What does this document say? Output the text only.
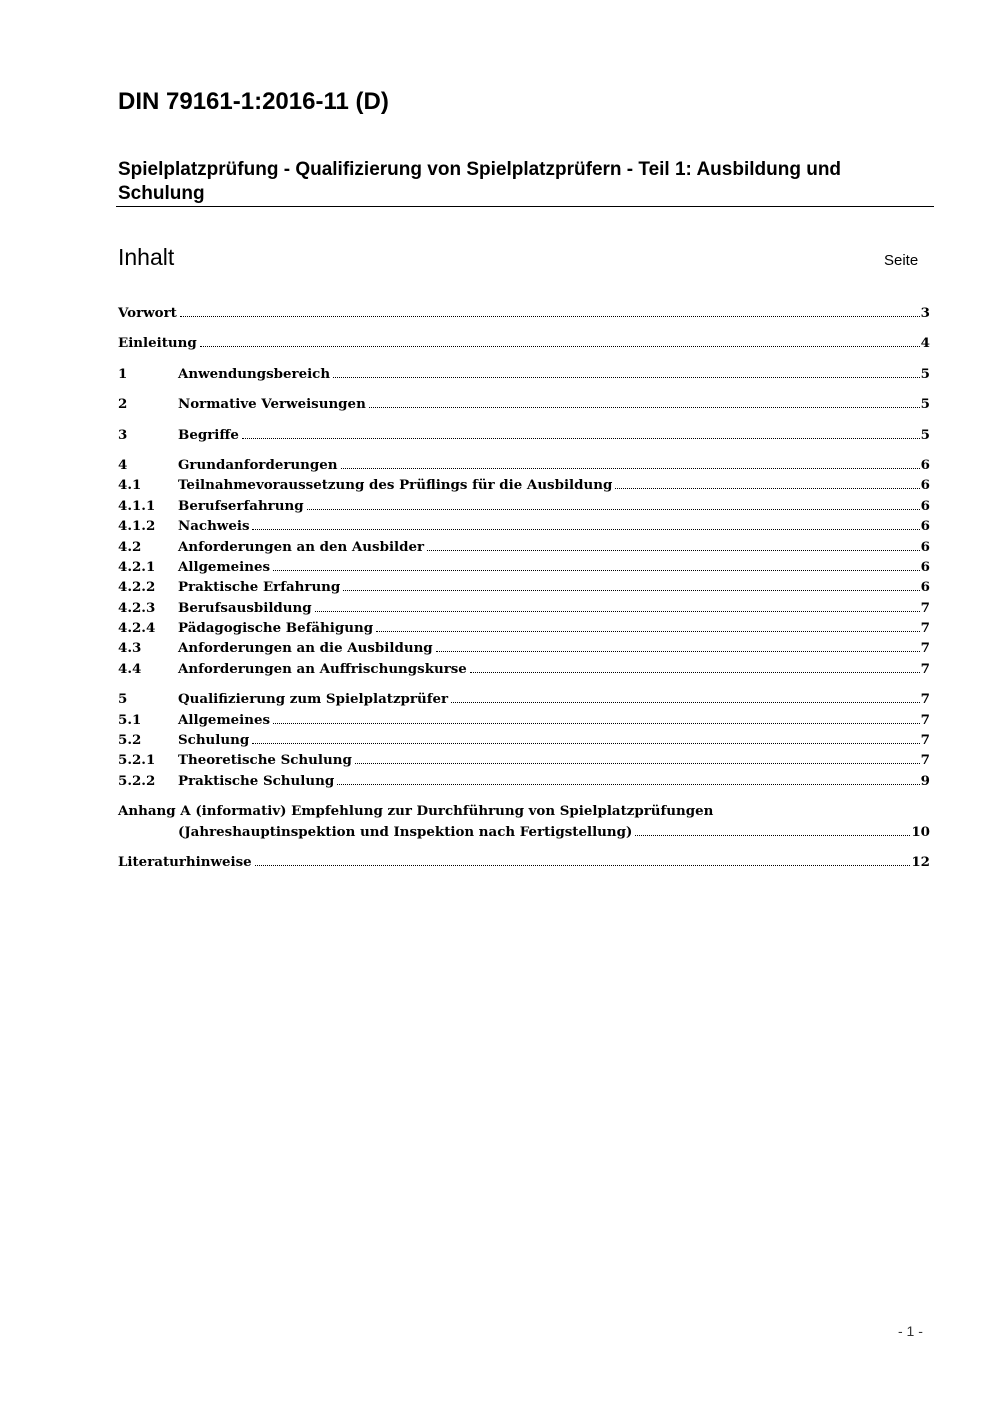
DIN 79161-1:2016-11 (D)
Spielplatzprüfung - Qualifizierung von Spielplatzprüfern - Teil 1: Ausbildung und Schulung
Inhalt	Seite
Vorwort	3
Einleitung	4
1	Anwendungsbereich	5
2	Normative Verweisungen	5
3	Begriffe	5
4	Grundanforderungen	6
4.1	Teilnahmevoraussetzung des Prüflings für die Ausbildung	6
4.1.1	Berufserfahrung	6
4.1.2	Nachweis	6
4.2	Anforderungen an den Ausbilder	6
4.2.1	Allgemeines	6
4.2.2	Praktische Erfahrung	6
4.2.3	Berufsausbildung	7
4.2.4	Pädagogische Befähigung	7
4.3	Anforderungen an die Ausbildung	7
4.4	Anforderungen an Auffrischungskurse	7
5	Qualifizierung zum Spielplatzprüfer	7
5.1	Allgemeines	7
5.2	Schulung	7
5.2.1	Theoretische Schulung	7
5.2.2	Praktische Schulung	9
Anhang A (informativ) Empfehlung zur Durchführung von Spielplatzprüfungen
(Jahreshauptinspektion und Inspektion nach Fertigstellung)	10
Literaturhinweise	12
- 1 -
